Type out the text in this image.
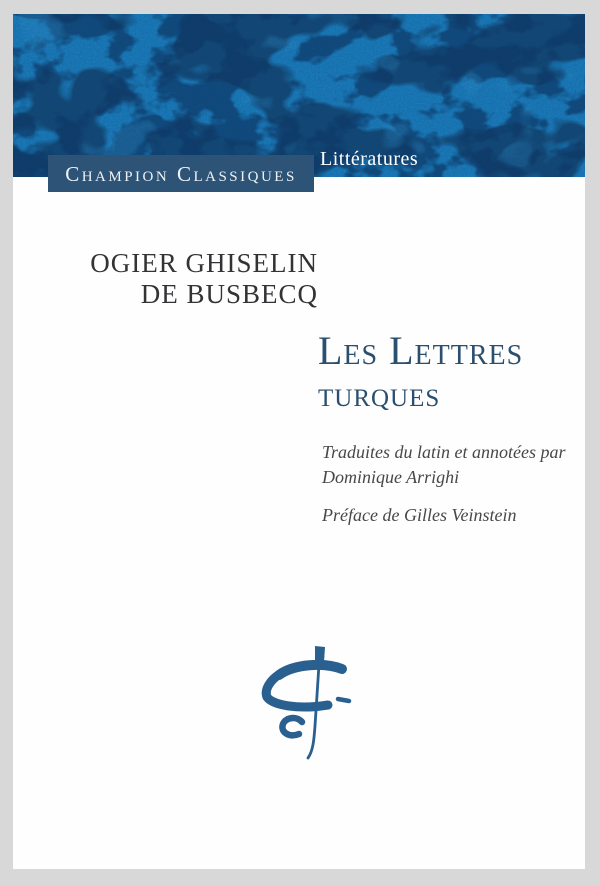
Champion Classiques
Littératures
OGIER GHISELIN
DE BUSBECQ
Les Lettres
turques
Traduites du latin et annotées par
Dominique Arrighi
Préface de Gilles Veinstein
